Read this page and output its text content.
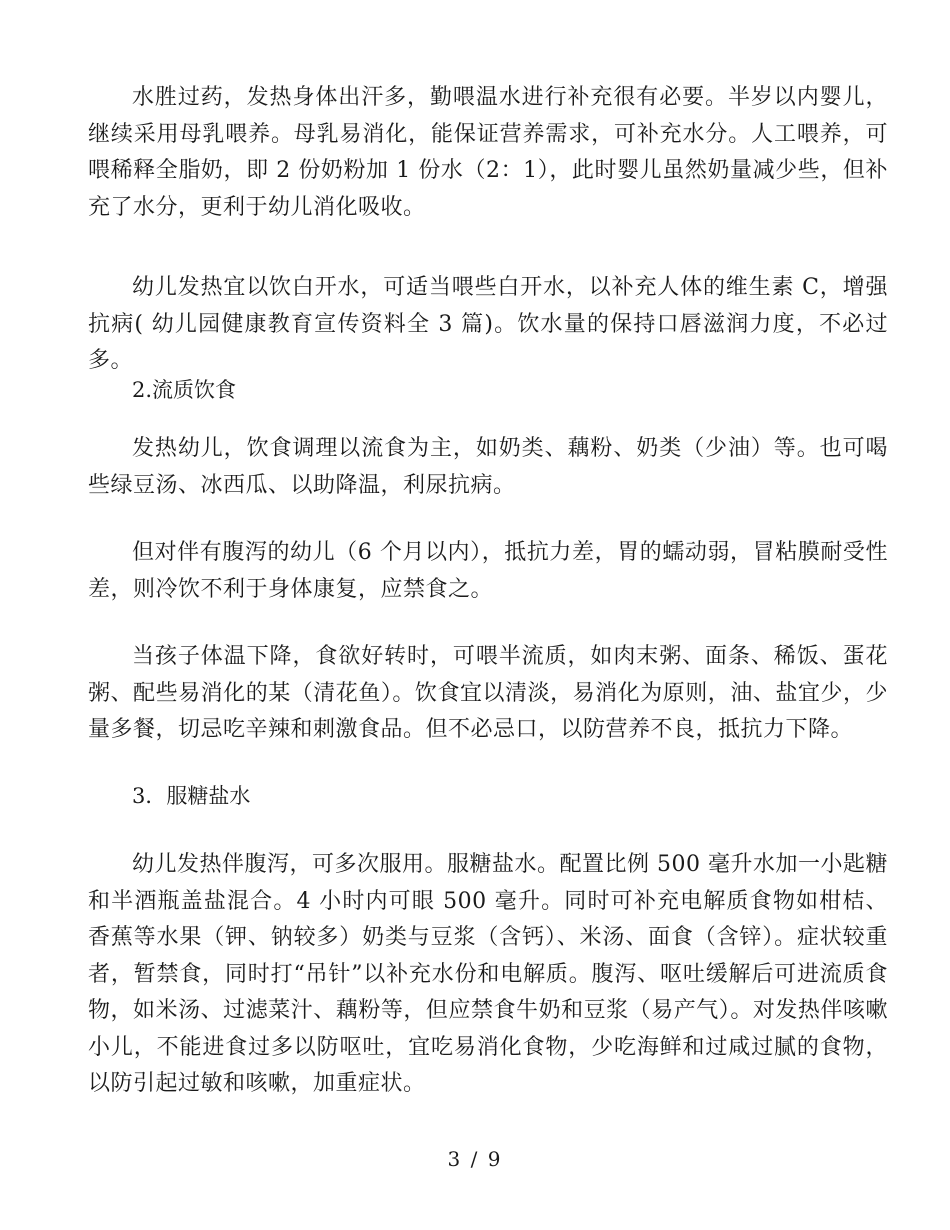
水胜过药，发热身体出汗多，勤喂温水进行补充很有必要。半岁以内婴儿，继续采用母乳喂养。母乳易消化，能保证营养需求，可补充水分。人工喂养，可喂稀释全脂奶，即 2 份奶粉加 1 份水（2：1），此时婴儿虽然奶量减少些，但补充了水分，更利于幼儿消化吸收。

幼儿发热宜以饮白开水，可适当喂些白开水，以补充人体的维生素 C，增强抗病( 幼儿园健康教育宣传资料全 3 篇)。饮水量的保持口唇滋润力度，不必过多。

2.流质饮食

发热幼儿，饮食调理以流食为主，如奶类、藕粉、奶类（少油）等。也可喝些绿豆汤、冰西瓜、以助降温，利尿抗病。

但对伴有腹泻的幼儿（6 个月以内），抵抗力差，胃的蠕动弱，冒粘膜耐受性差，则冷饮不利于身体康复，应禁食之。

当孩子体温下降，食欲好转时，可喂半流质，如肉末粥、面条、稀饭、蛋花粥、配些易消化的某（清花鱼）。饮食宜以清淡，易消化为原则，油、盐宜少，少量多餐，切忌吃辛辣和刺激食品。但不必忌口，以防营养不良，抵抗力下降。

3．服糖盐水

幼儿发热伴腹泻，可多次服用。服糖盐水。配置比例 500 毫升水加一小匙糖和半酒瓶盖盐混合。4 小时内可眼 500 毫升。同时可补充电解质食物如柑桔、香蕉等水果（钾、钠较多）奶类与豆浆（含钙）、米汤、面食（含锌）。症状较重者，暂禁食，同时打“吊针”以补充水份和电解质。腹泻、呕吐缓解后可进流质食物，如米汤、过滤菜汁、藕粉等，但应禁食牛奶和豆浆（易产气）。对发热伴咳嗽小儿，不能进食过多以防呕吐，宜吃易消化食物，少吃海鲜和过咸过腻的食物，以防引起过敏和咳嗽，加重症状。

3 / 9
